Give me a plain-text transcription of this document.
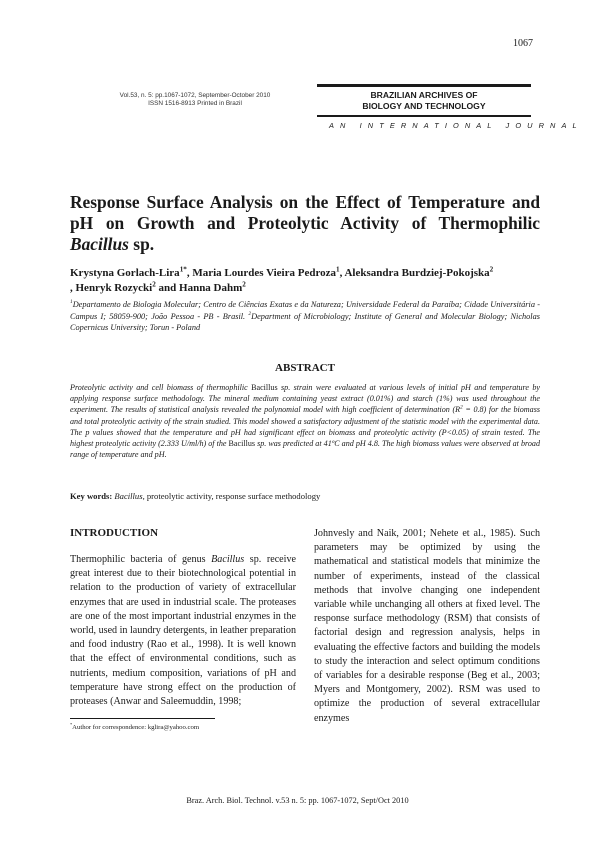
1067
Vol.53, n. 5: pp.1067-1072, September-October 2010
ISSN 1516-8913 Printed in Brazil
BRAZILIAN ARCHIVES OF
BIOLOGY AND TECHNOLOGY
AN INTERNATIONAL JOURNAL
Response Surface Analysis on the Effect of Temperature and pH on Growth and Proteolytic Activity of Thermophilic Bacillus sp.
Krystyna Gorlach-Lira$^{1*}$, Maria Lourdes Vieira Pedroza$^1$, Aleksandra Burdziej-Pokojska$^2$
, Henryk Rozycki$^2$ and Hanna Dahm$^2$
$^1$Departamento de Biologia Molecular; Centro de Ciências Exatas e da Natureza; Universidade Federal da Paraíba; Cidade Universitária - Campus I; 58059-900; João Pessoa - PB - Brasil. $^2$Department of Microbiology; Institute of General and Molecular Biology; Nicholas Copernicus University; Torun - Poland
ABSTRACT
Proteolytic activity and cell biomass of thermophilic Bacillus sp. strain were evaluated at various levels of initial pH and temperature by applying response surface methodology. The mineral medium containing yeast extract (0.01%) and starch (1%) was used throughout the experiment. The results of statistical analysis revealed the polynomial model with high coefficient of determination $(R^2 = 0.8)$ for the biomass and total proteolytic activity of the strain studied. This model showed a satisfactory adjustment of the statistic model with the experimental data. The p values showed that the temperature and pH had significant effect on biomass and proteolytic activity (P<0.05) of strain tested. The highest proteolytic activity (2.333 U/ml/h) of the Bacillus sp. was predicted at 41ºC and pH 4.8. The high biomass values were observed at broad range of temperature and pH.
Key words: Bacillus, proteolytic activity, response surface methodology
INTRODUCTION

Thermophilic bacteria of genus Bacillus sp. receive great interest due to their biotechnological potential in relation to the production of variety of extracellular enzymes that are used in industrial scale. The proteases are one of the most important industrial enzymes in the world, used in laundry detergents, in leather preparation and food industry (Rao et al., 1998). It is well known that the effect of environmental conditions, such as nutrients, medium composition, variations of pH and temperature have strong effect on the production of proteases (Anwar and Saleemuddin, 1998;

Johnvesly and Naik, 2001; Nehete et al., 1985). Such parameters may be optimized by using the mathematical and statistical models that minimize the number of experiments, instead of the classical methods that involve changing one independent variable while unchanging all others at fixed level. The response surface methodology (RSM) that consists of factorial design and regression analysis, helps in evaluating the effective factors and building the models to study the interaction and select optimum conditions of variables for a desirable response (Beg et al., 2003; Myers and Montgomery, 2002). RSM was used to optimize the production of several extracellular enzymes

*Author for correspondence: kglira@yahoo.com
Braz. Arch. Biol. Technol. v.53 n. 5: pp. 1067-1072, Sept/Oct 2010
